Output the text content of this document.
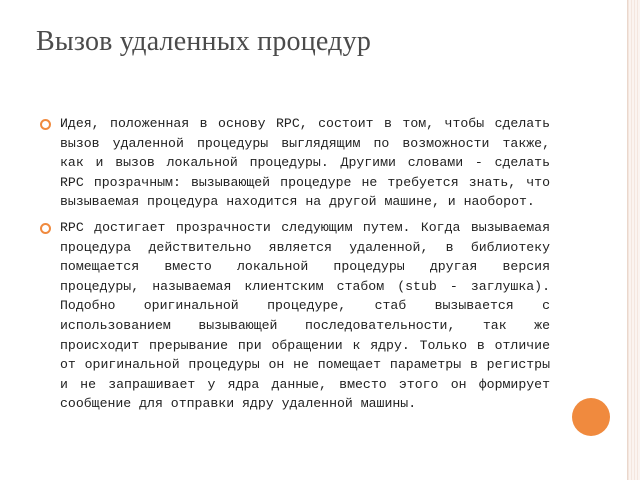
Вызов удаленных процедур
Идея, положенная в основу RPC, состоит в том, чтобы сделать вызов удаленной процедуры выглядящим по возможности также, как и вызов локальной процедуры. Другими словами - сделать RPC прозрачным: вызывающей процедуре не требуется знать, что вызываемая процедура находится на другой машине, и наоборот.
RPC достигает прозрачности следующим путем. Когда вызываемая процедура действительно является удаленной, в библиотеку помещается вместо локальной процедуры другая версия процедуры, называемая клиентским стабом (stub - заглушка). Подобно оригинальной процедуре, стаб вызывается с использованием вызывающей последовательности, так же происходит прерывание при обращении к ядру. Только в отличие от оригинальной процедуры он не помещает параметры в регистры и не запрашивает у ядра данные, вместо этого он формирует сообщение для отправки ядру удаленной машины.
ru
